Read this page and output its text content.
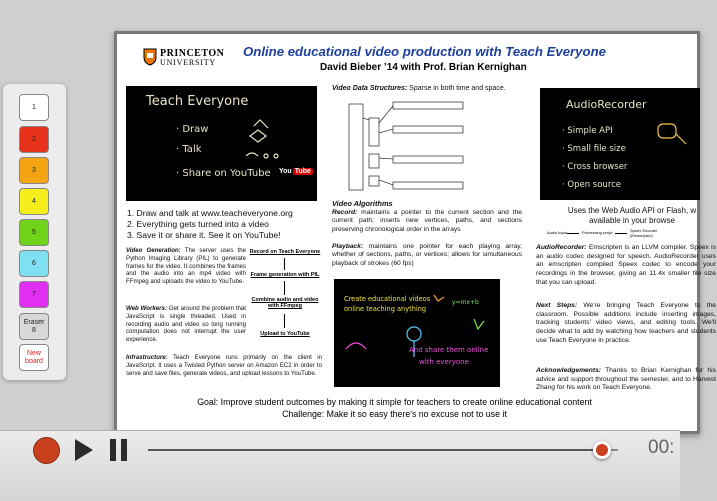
1
2
3
4
5
6
7
Eraser
8
New
board
PRINCETON
UNIVERSITY
Online educational video production with Teach Everyone
David Bieber ’14 with Prof. Brian Kernighan
Teach Everyone
· Draw
· Talk
· Share on YouTube You Tube
1. Draw and talk at www.teacheveryone.org
2. Everything gets turned into a video
3. Save it or share it. See it on YouTube!
Video Generation: The server uses the Python Imaging Library (PIL) to generate frames for the video. It combines the frames and the audio into an mp4 video with FFmpeg and uploads the video to YouTube.
Web Workers: Get around the problem that JavaScript is single threaded. Used in recording audio and video so long running computation does not interrupt the user experience.
Record on Teach Everyone
Frame generation with PIL
Combine audio and video with FFmpeg
Upload to YouTube
Infrastructure: Teach Everyone runs primarily on the client in JavaScript. It uses a Twisted Python server on Amazon EC2 in order to serve and save files, generate videos, and upload lessons to YouTube.
Video Data Structures: Sparse in both time and space.
Video Algorithms
Record: maintains a pointer to the current section and the current path; inserts new vertices, paths, and sections preserving chronological order in the arrays
Playback: maintains one pointer for each playing array, whether of sections, paths, or vertices; allows for simultaneous playback of strokes (60 fps)
Create educational videos
online teaching anything
y=mx+b
And share them online
with everyone
AudioRecorder
· Simple API
· Small file size
· Cross browser
· Open source
Uses the Web Audio API or Flash, w
available in your browse
Audio input	Processing script	Speex Encoder (Emscripten)
AudioRecorder: Emscripten is an LLVM compiler. Speex is an audio codec designed for speech. AudioRecorder uses an emscripten compiled Speex codec to encode your recordings in the browser, giving an 11.4x smaller file size that you can upload.
Next Steps: We're bringing Teach Everyone to the classroom. Possible additions include inserting images, tracking students' video views, and editing tools. We'll decide what to add by watching how teachers and students use Teach Everyone in practice.
Acknowledgements: Thanks to Brian Kernighan for his advice and support throughout the semester, and to Harvest Zhang for his work on Teach Everyone.
Goal: Improve student outcomes by making it simple for teachers to create online educational content
Challenge: Make it so easy there's no excuse not to use it
00:
